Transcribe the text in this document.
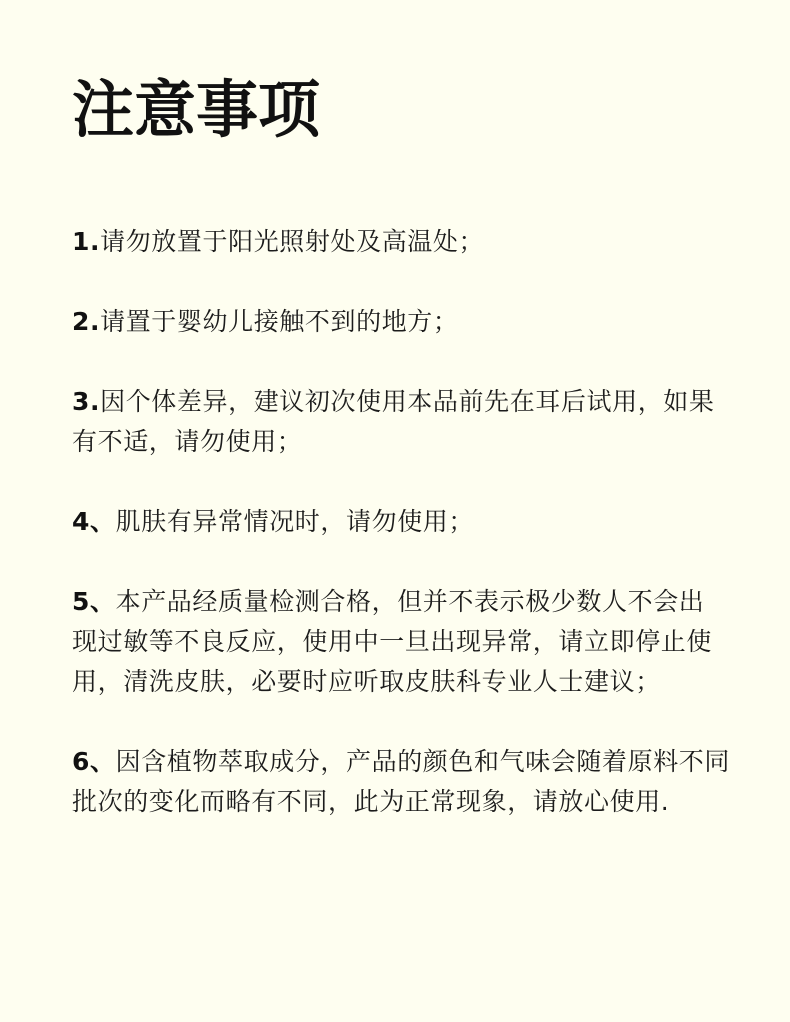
注意事项
1.请勿放置于阳光照射处及高温处；
2.请置于婴幼儿接触不到的地方；
3.因个体差异，建议初次使用本品前先在耳后试用，如果
有不适，请勿使用；
4、肌肤有异常情况时，请勿使用；
5、本产品经质量检测合格，但并不表示极少数人不会出
现过敏等不良反应，使用中一旦出现异常，请立即停止使
用，清洗皮肤，必要时应听取皮肤科专业人士建议；
6、因含植物萃取成分，产品的颜色和气味会随着原料不同
批次的变化而略有不同，此为正常现象，请放心使用.
